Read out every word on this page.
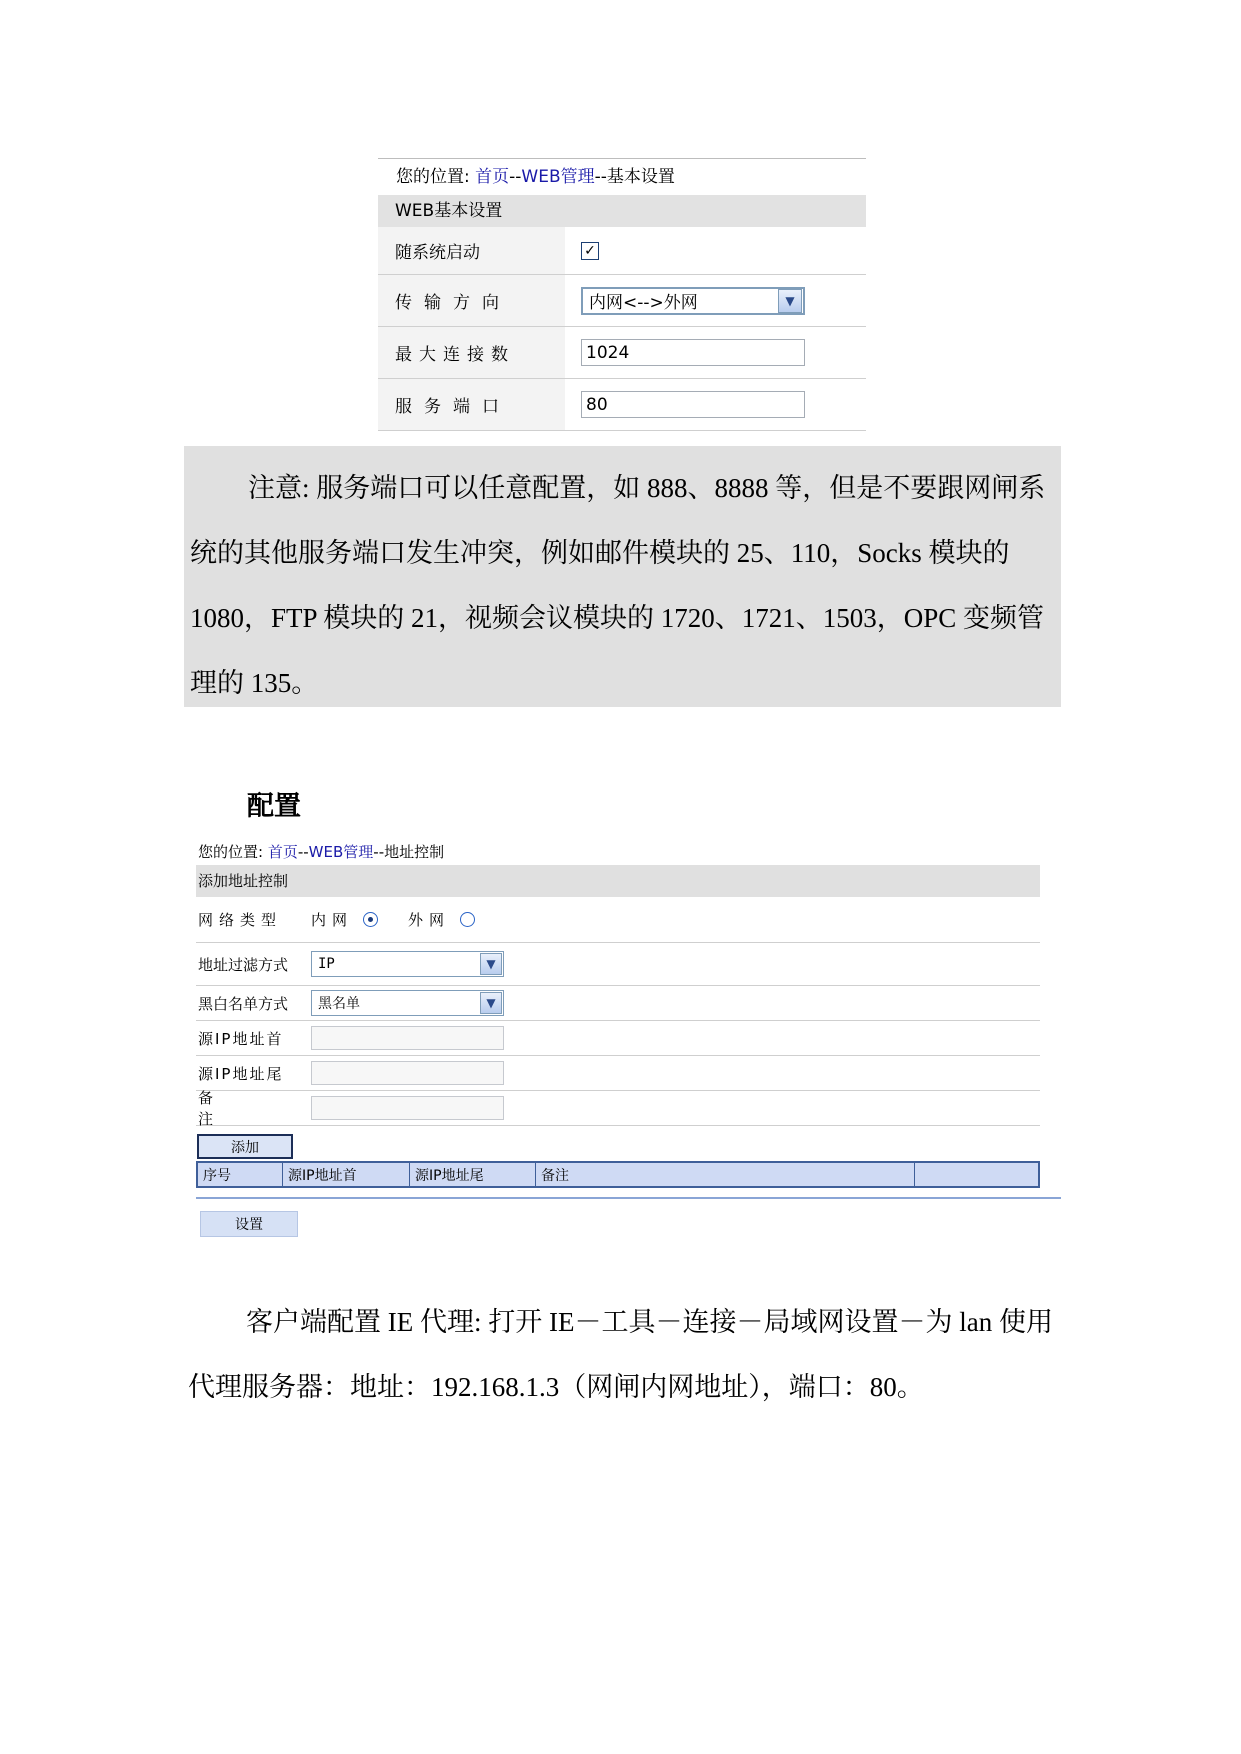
您的位置: 首页--WEB管理--基本设置
WEB基本设置
随系统启动	✓
传输方向	内网<-->外网	▼
最大连接数	1024
服务端口	80

注意: 服务端口可以任意配置，如 888、8888 等，但是不要跟网闸系统的其他服务端口发生冲突，例如邮件模块的 25、110，Socks 模块的 1080，FTP 模块的 21，视频会议模块的 1720、1721、1503，OPC 变频管理的 135。

配置
您的位置: 首页--WEB管理--地址控制
添加地址控制
网络类型	内网	外网
地址过滤方式	IP	▼
黑白名单方式	黑名单	▼
源IP地址首
源IP地址尾
备注
添加
序号	源IP地址首	源IP地址尾	备注
设置

客户端配置 IE 代理: 打开 IE－工具－连接－局域网设置－为 lan 使用代理服务器：地址：192.168.1.3（网闸内网地址），端口：80。
